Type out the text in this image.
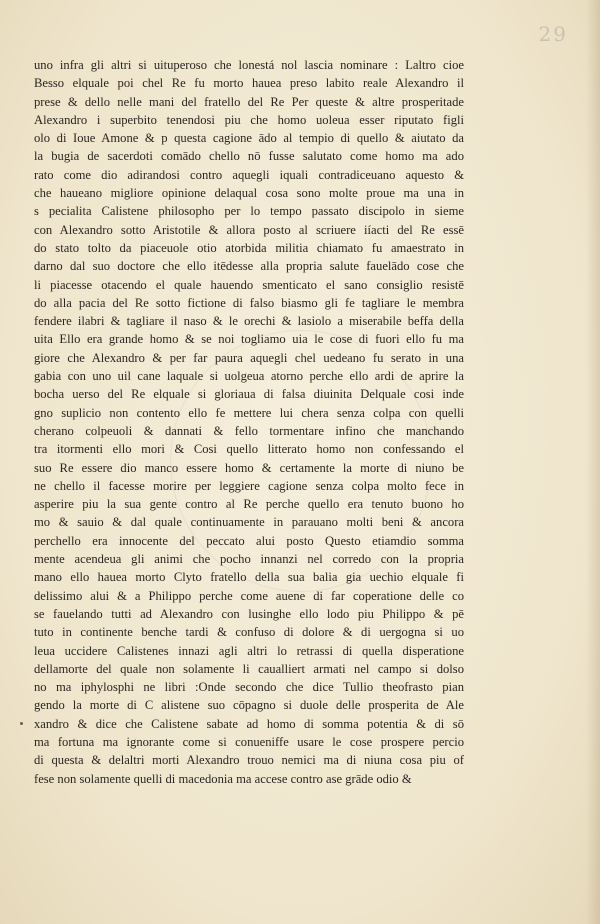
29
uno infra gli altri si uituperoso che lonestá nol lascia nominare : Laltro cioe
Besso elquale poi chel Re fu morto hauea preso labito reale Alexandro il
prese & dello nelle mani del fratello del Re Per queste & altre prosperitade
Alexandro i superbito tenendosi piu che homo uoleua esser riputato figli
olo di Ioue Amone & p questa cagione ādo al tempio di quello & aiutato da
la bugia de sacerdoti comādo chello nō fusse salutato come homo ma ado
rato come dio adirandosi contro aquegli iquali contradiceuano aquesto &
che haueano migliore opinione delaqual cosa sono molte proue ma una in
s pecialita Calistene philosopho per lo tempo passato discipolo in sieme
con Alexandro sotto Aristotile & allora posto al scriuere iíacti del Re essē
do stato tolto da piaceuole otio atorbida militia chiamato fu amaestrato in
darno dal suo doctore che ello itēdesse alla propria salute fauelādo cose che
li piacesse otacendo el quale hauendo smenticato el sano consiglio resistē
do alla pacia del Re sotto fictione di falso biasmo gli fe tagliare le membra
fendere ilabri & tagliare il naso & le orechi & lasiolo a miserabile beffa della
uita Ello era grande homo & se noi togliamo uia le cose di fuori ello fu ma
giore che Alexandro & per far paura aquegli chel uedeano fu serato in una
gabia con uno uil cane laquale si uolgeua atorno perche ello ardi de aprire la
bocha uerso del Re elquale si gloriaua di falsa diuinita Delquale cosi inde
gno suplicio non contento ello fe mettere lui chera senza colpa con quelli
cherano colpeuoli & dannati & fello tormentare infino che manchando
tra itormenti ello mori & Cosi quello litterato homo non confessando el
suo Re essere dio manco essere homo & certamente la morte di niuno be
ne chello il facesse morire per leggiere cagione senza colpa molto fece in
asperire piu la sua gente contro al Re perche quello era tenuto buono ho
mo & sauio & dal quale continuamente in parauano molti beni & ancora
perchello era innocente del peccato alui posto Questo etiamdio somma
mente acendeua gli animi che pocho innanzi nel corredo con la propria
mano ello hauea morto Clyto fratello della sua balia gia uechio elquale fi
delissimo alui & a Philippo perche come auene di far coperatione delle co
se fauelando tutti ad Alexandro con lusinghe ello lodo piu Philippo & pē
tuto in continente benche tardi & confuso di dolore & di uergogna si uo
leua uccidere Calistenes innazi agli altri lo retrassi di quella disperatione
dellamorte del quale non solamente li caualliert armati nel campo si dolso
no ma iphylosphi ne libri :Onde secondo che dice Tullio theofrasto pian
gendo la morte di C alistene suo cōpagno si duole delle prosperita de Ale
xandro & dice che Calistene sabate ad homo di somma potentia & di sō
ma fortuna ma ignorante come si conueniffe usare le cose prospere percio
di questa & delaltri morti Alexandro trouo nemici ma di niuna cosa piu of
fese non solamente quelli di macedonia ma accese contro ase grāde odio &
